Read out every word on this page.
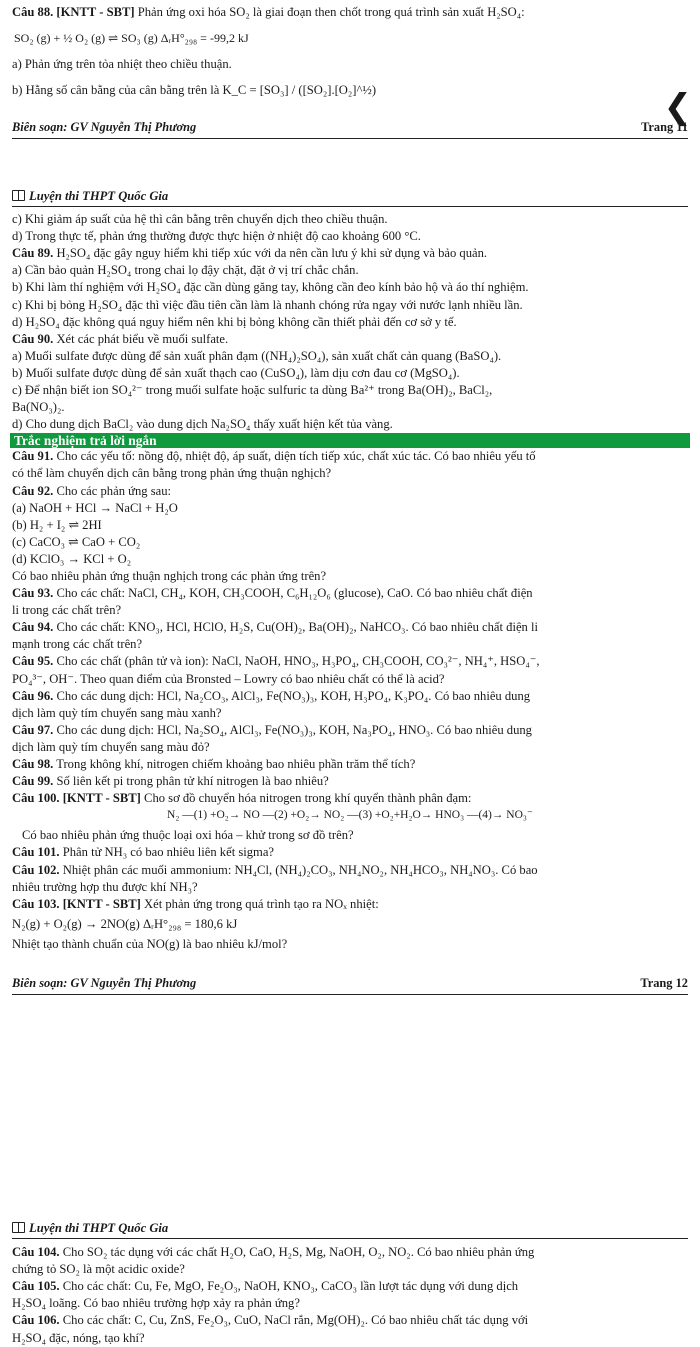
Câu 88. [KNTT - SBT] Phản ứng oxi hóa SO₂ là giai đoạn then chốt trong quá trình sản xuất H₂SO₄:
SO₂ (g) + ½ O₂ (g) ⇌ SO₃ (g) ΔᵣH°₂₉₈ = -99,2 kJ
a) Phản ứng trên tỏa nhiệt theo chiều thuận.
b) Hằng số cân bằng của cân bằng trên là K_C = [SO₃] / ([SO₂].[O₂]^½)	❮
Biên soạn: GV Nguyễn Thị Phương	Trang 11
Luyện thi THPT Quốc Gia
c) Khi giảm áp suất của hệ thì cân bằng trên chuyển dịch theo chiều thuận.
d) Trong thực tế, phản ứng thường được thực hiện ở nhiệt độ cao khoảng 600 °C.
Câu 89. H₂SO₄ đặc gây nguy hiểm khi tiếp xúc với da nên cần lưu ý khi sử dụng và bảo quản.
a) Cần bảo quản H₂SO₄ trong chai lọ đậy chặt, đặt ở vị trí chắc chắn.
b) Khi làm thí nghiệm với H₂SO₄ đặc cần dùng găng tay, không cần đeo kính bảo hộ và áo thí nghiệm.
c) Khi bị bỏng H₂SO₄ đặc thì việc đầu tiên cần làm là nhanh chóng rửa ngay với nước lạnh nhiều lần.
d) H₂SO₄ đặc không quá nguy hiểm nên khi bị bỏng không cần thiết phải đến cơ sở y tế.
Câu 90. Xét các phát biểu về muối sulfate.
a) Muối sulfate được dùng để sản xuất phân đạm ((NH₄)₂SO₄), sản xuất chất cản quang (BaSO₄).
b) Muối sulfate được dùng để sản xuất thạch cao (CuSO₄), làm dịu cơn đau cơ (MgSO₄).
c) Để nhận biết ion SO₄²⁻ trong muối sulfate hoặc sulfuric ta dùng Ba²⁺ trong Ba(OH)₂, BaCl₂,
Ba(NO₃)₂.
d) Cho dung dịch BaCl₂ vào dung dịch Na₂SO₄ thấy xuất hiện kết tủa vàng.
Trắc nghiệm trả lời ngắn
Câu 91. Cho các yếu tố: nồng độ, nhiệt độ, áp suất, diện tích tiếp xúc, chất xúc tác. Có bao nhiêu yếu tố
có thể làm chuyển dịch cân bằng trong phản ứng thuận nghịch?
Câu 92. Cho các phản ứng sau:
(a) NaOH + HCl → NaCl + H₂O
(b) H₂ + I₂ ⇌ 2HI
(c) CaCO₃ ⇌ CaO + CO₂
(d) KClO₃ → KCl + O₂
Có bao nhiêu phản ứng thuận nghịch trong các phản ứng trên?
Câu 93. Cho các chất: NaCl, CH₄, KOH, CH₃COOH, C₆H₁₂O₆ (glucose), CaO. Có bao nhiêu chất điện
li trong các chất trên?
Câu 94. Cho các chất: KNO₃, HCl, HClO, H₂S, Cu(OH)₂, Ba(OH)₂, NaHCO₃. Có bao nhiêu chất điện li
mạnh trong các chất trên?
Câu 95. Cho các chất (phân tử và ion): NaCl, NaOH, HNO₃, H₃PO₄, CH₃COOH, CO₃²⁻, NH₄⁺, HSO₄⁻,
PO₄³⁻, OH⁻. Theo quan điểm của Bronsted – Lowry có bao nhiêu chất có thể là acid?
Câu 96. Cho các dung dịch: HCl, Na₂CO₃, AlCl₃, Fe(NO₃)₃, KOH, H₃PO₄, K₃PO₄. Có bao nhiêu dung
dịch làm quỳ tím chuyển sang màu xanh?
Câu 97. Cho các dung dịch: HCl, Na₂SO₄, AlCl₃, Fe(NO₃)₃, KOH, Na₃PO₄, HNO₃. Có bao nhiêu dung
dịch làm quỳ tím chuyển sang màu đỏ?
Câu 98. Trong không khí, nitrogen chiếm khoảng bao nhiêu phần trăm thể tích?
Câu 99. Số liên kết pi trong phân tử khí nitrogen là bao nhiêu?
Câu 100. [KNTT - SBT] Cho sơ đồ chuyển hóa nitrogen trong khí quyển thành phân đạm:
N₂ —(1) +O₂→ NO —(2) +O₂→ NO₂ —(3) +O₂+H₂O→ HNO₃ —(4)→ NO₃⁻
Có bao nhiêu phản ứng thuộc loại oxi hóa – khử trong sơ đồ trên?
Câu 101. Phân tử NH₃ có bao nhiêu liên kết sigma?
Câu 102. Nhiệt phân các muối ammonium: NH₄Cl, (NH₄)₂CO₃, NH₄NO₂, NH₄HCO₃, NH₄NO₃. Có bao
nhiêu trường hợp thu được khí NH₃?
Câu 103. [KNTT - SBT] Xét phản ứng trong quá trình tạo ra NOₓ nhiệt:
N₂(g) + O₂(g) → 2NO(g) ΔᵣH°₂₉₈ = 180,6 kJ
Nhiệt tạo thành chuẩn của NO(g) là bao nhiêu kJ/mol?
Biên soạn: GV Nguyễn Thị Phương	Trang 12
Luyện thi THPT Quốc Gia
Câu 104. Cho SO₂ tác dụng với các chất H₂O, CaO, H₂S, Mg, NaOH, O₂, NO₂. Có bao nhiêu phản ứng
chứng tỏ SO₂ là một acidic oxide?
Câu 105. Cho các chất: Cu, Fe, MgO, Fe₂O₃, NaOH, KNO₃, CaCO₃ lần lượt tác dụng với dung dịch
H₂SO₄ loãng. Có bao nhiêu trường hợp xảy ra phản ứng?
Câu 106. Cho các chất: C, Cu, ZnS, Fe₂O₃, CuO, NaCl rắn, Mg(OH)₂. Có bao nhiêu chất tác dụng với
H₂SO₄ đặc, nóng, tạo khí?
